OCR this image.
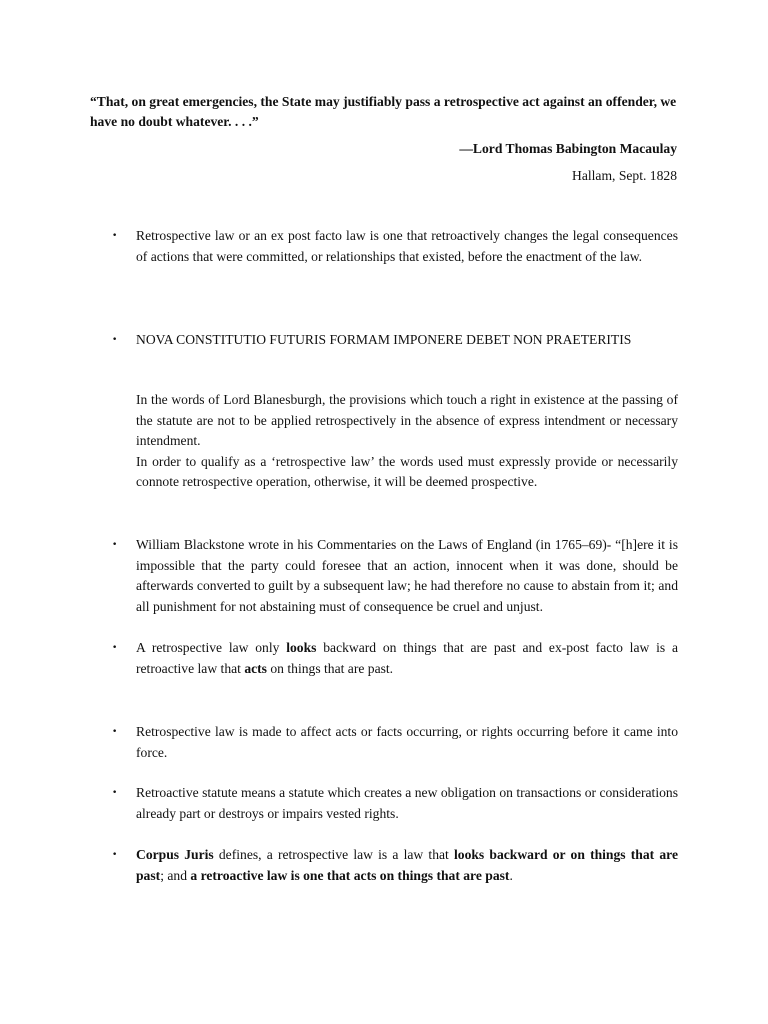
“That, on great emergencies, the State may justifiably pass a retrospective act against an offender, we have no doubt whatever. . . .”

—Lord Thomas Babington Macaulay

Hallam, Sept. 1828

•	Retrospective law or an ex post facto law is one that retroactively changes the legal consequences of actions that were committed, or relationships that existed, before the enactment of the law.

•	NOVA CONSTITUTIO FUTURIS FORMAM IMPONERE DEBET NON PRAETERITIS

In the words of Lord Blanesburgh, the provisions which touch a right in existence at the passing of the statute are not to be applied retrospectively in the absence of express intendment or necessary intendment.

In order to qualify as a ‘retrospective law’ the words used must expressly provide or necessarily connote retrospective operation, otherwise, it will be deemed prospective.

•	William Blackstone wrote in his Commentaries on the Laws of England (in 1765–69)- “[h]ere it is impossible that the party could foresee that an action, innocent when it was done, should be afterwards converted to guilt by a subsequent law; he had therefore no cause to abstain from it; and all punishment for not abstaining must of consequence be cruel and unjust.

•	A retrospective law only looks backward on things that are past and ex-post facto law is a retroactive law that acts on things that are past.

•	Retrospective law is made to affect acts or facts occurring, or rights occurring before it came into force.

•	Retroactive statute means a statute which creates a new obligation on transactions or considerations already part or destroys or impairs vested rights.

•	Corpus Juris defines, a retrospective law is a law that looks backward or on things that are past; and a retroactive law is one that acts on things that are past.
